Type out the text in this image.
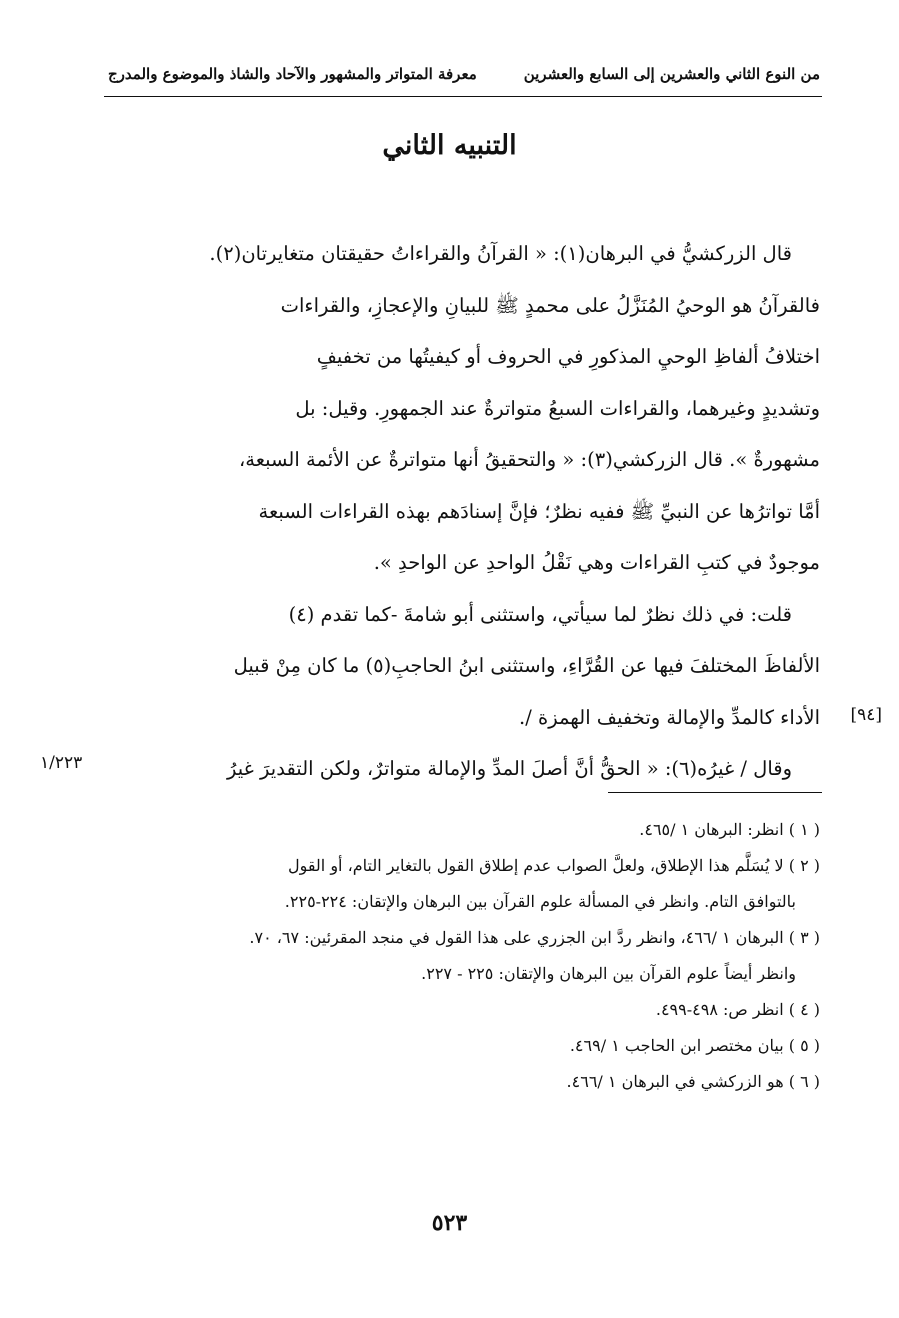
من النوع الثاني والعشرين إلى السابع والعشرين
معرفة المتواتر والمشهور والآحاد والشاذ والموضوع والمدرج
التنبيه الثاني
قال الزركشيُّ في البرهان(١): « القرآنُ والقراءاتُ حقيقتان متغايرتان(٢).
فالقرآنُ هو الوحيُ المُنَزَّلُ على محمدٍ ﷺ للبيانِ والإعجازِ، والقراءات
اختلافُ ألفاظِ الوحيِ المذكورِ في الحروف أو كيفيتُها من تخفيفٍ
وتشديدٍ وغيرهما، والقراءات السبعُ متواترةٌ عند الجمهورِ. وقيل: بل
مشهورةٌ ». قال الزركشي(٣): « والتحقيقُ أنها متواترةٌ عن الأئمة السبعة،
أمَّا تواترُها عن النبيِّ ﷺ ففيه نظرٌ؛ فإنَّ إسنادَهم بهذه القراءات السبعة
موجودٌ في كتبِ القراءات وهي نَقْلُ الواحدِ عن الواحدِ ».
قلت: في ذلك نظرٌ لما سيأتي، واستثنى أبو شامةَ -كما تقدم (٤)
الألفاظَ المختلفَ فيها عن القُرَّاءِ، واستثنى ابنُ الحاجبِ(٥) ما كان مِنْ قبيل
الأداء كالمدِّ والإمالة وتخفيف الهمزة /.
وقال / غيرُه(٦): « الحقُّ أنَّ أصلَ المدِّ والإمالة متواترٌ، ولكن التقديرَ غيرُ
[٩٤]
١/٢٢٣
( ١ ) انظر: البرهان ١ /٤٦٥.
( ٢ ) لا يُسَلَّم هذا الإطلاق، ولعلَّ الصواب عدم إطلاق القول بالتغاير التام، أو القول
بالتوافق التام. وانظر في المسألة علوم القرآن بين البرهان والإتقان: ٢٢٤-٢٢٥.
( ٣ ) البرهان ١ /٤٦٦، وانظر ردَّ ابن الجزري على هذا القول في منجد المقرئين: ٦٧، ٧٠.
وانظر أيضاً علوم القرآن بين البرهان والإتقان: ٢٢٥ - ٢٢٧.
( ٤ ) انظر ص: ٤٩٨-٤٩٩.
( ٥ ) بيان مختصر ابن الحاجب ١ /٤٦٩.
( ٦ ) هو الزركشي في البرهان ١ /٤٦٦.
٥٢٣
